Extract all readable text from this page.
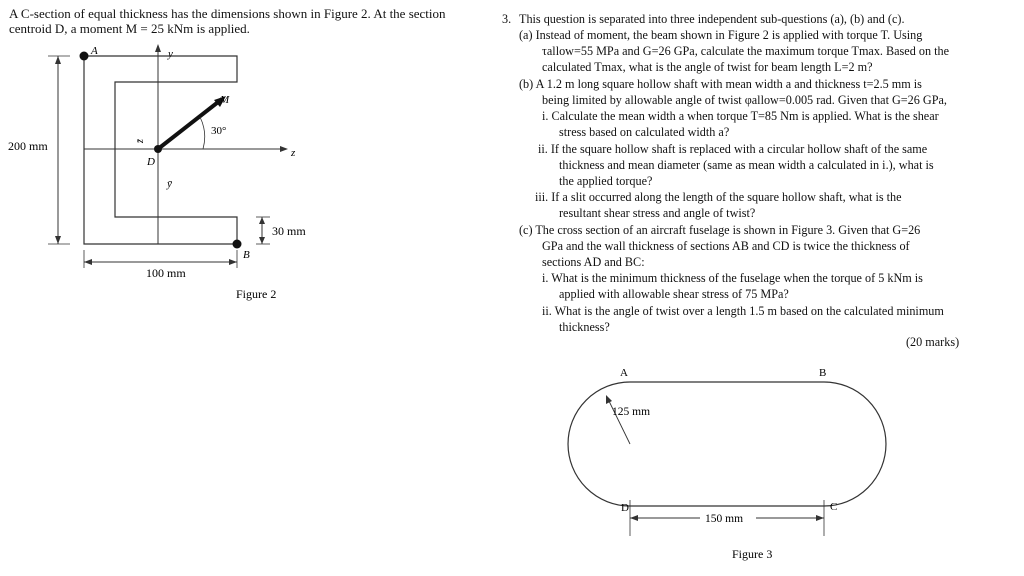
A C-section of equal thickness has the dimensions shown in Figure 2. At the section
centroid D, a moment M = 25 kNm is applied.
200 mm
100 mm
30 mm
30°
A
B
D
y
z
M
z̄
ȳ
Figure 2
3. This question is separated into three independent sub-questions (a), (b) and (c).
(a) Instead of moment, the beam shown in Figure 2 is applied with torque T. Using
τallow=55 MPa and G=26 GPa, calculate the maximum torque Tmax. Based on the
calculated Tmax, what is the angle of twist for beam length L=2 m?
(b) A 1.2 m long square hollow shaft with mean width a and thickness t=2.5 mm is
being limited by allowable angle of twist φallow=0.005 rad. Given that G=26 GPa,
i. Calculate the mean width a when torque T=85 Nm is applied. What is the shear
stress based on calculated width a?
ii. If the square hollow shaft is replaced with a circular hollow shaft of the same
thickness and mean diameter (same as mean width a calculated in i.), what is
the applied torque?
iii. If a slit occurred along the length of the square hollow shaft, what is the
resultant shear stress and angle of twist?
(c) The cross section of an aircraft fuselage is shown in Figure 3. Given that G=26
GPa and the wall thickness of sections AB and CD is twice the thickness of
sections AD and BC:
i. What is the minimum thickness of the fuselage when the torque of 5 kNm is
applied with allowable shear stress of 75 MPa?
ii. What is the angle of twist over a length 1.5 m based on the calculated minimum
thickness?
(20 marks)
A	B
C
D
125 mm
150 mm
Figure 3
